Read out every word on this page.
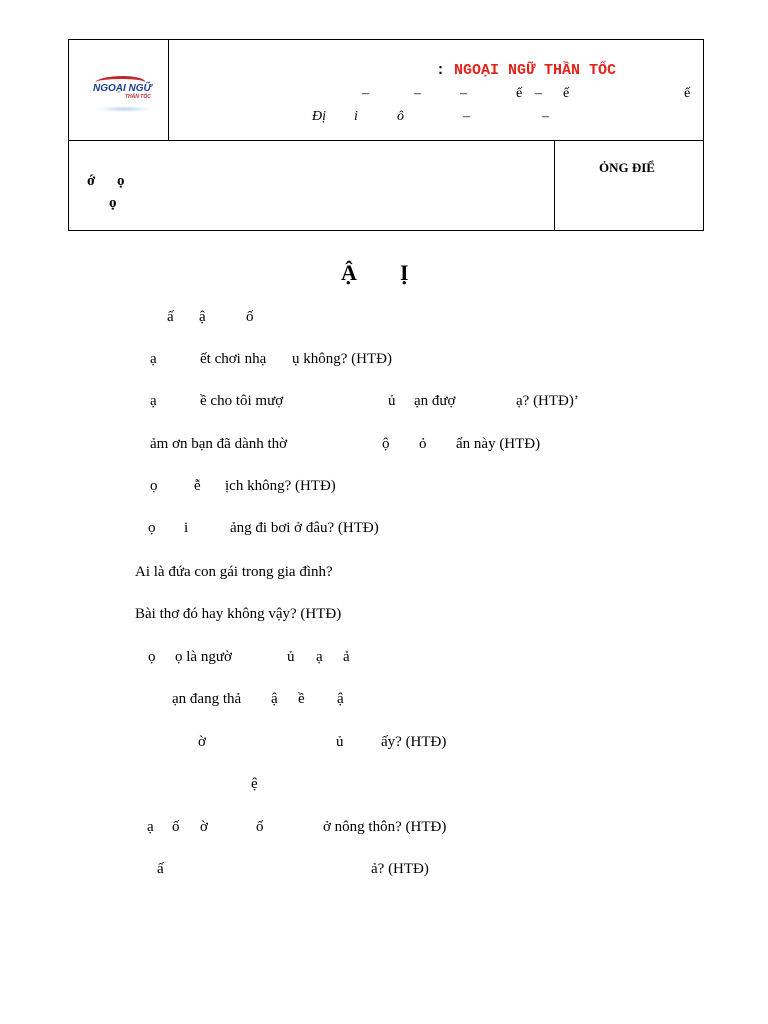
NGOẠI NGỮ
THẦN TỐC
: NGOẠI NGỮ THẦN TỐC
–	–	–	ế – ế	ế
Đị i	ô	–	–
ớ ọ
ọ
ỎNG ĐIỂ
Ậ Ị
ấ ậ	ố
ạ	ết chơi nhạ ụ không? (HTĐ)
ạ	ề cho tôi mượ	ủ ạn đượ	ạ? (HTĐ)’
ảm ơn bạn đã dành thờ	ộ ỏ ẩn này (HTĐ)
ọ ễ ịch không? (HTĐ)
ọ i	ảng đi bơi ở đâu? (HTĐ)
Ai là đứa con gái trong gia đình?
Bài thơ đó hay không vậy? (HTĐ)
ọ ọ là ngườ	ủ ạ ả
ạn đang thả ậ ề ậ
ờ	ủ	ấy? (HTĐ)
ệ
ạ ố ờ	ố	ở nông thôn? (HTĐ)
ấ	ả? (HTĐ)
